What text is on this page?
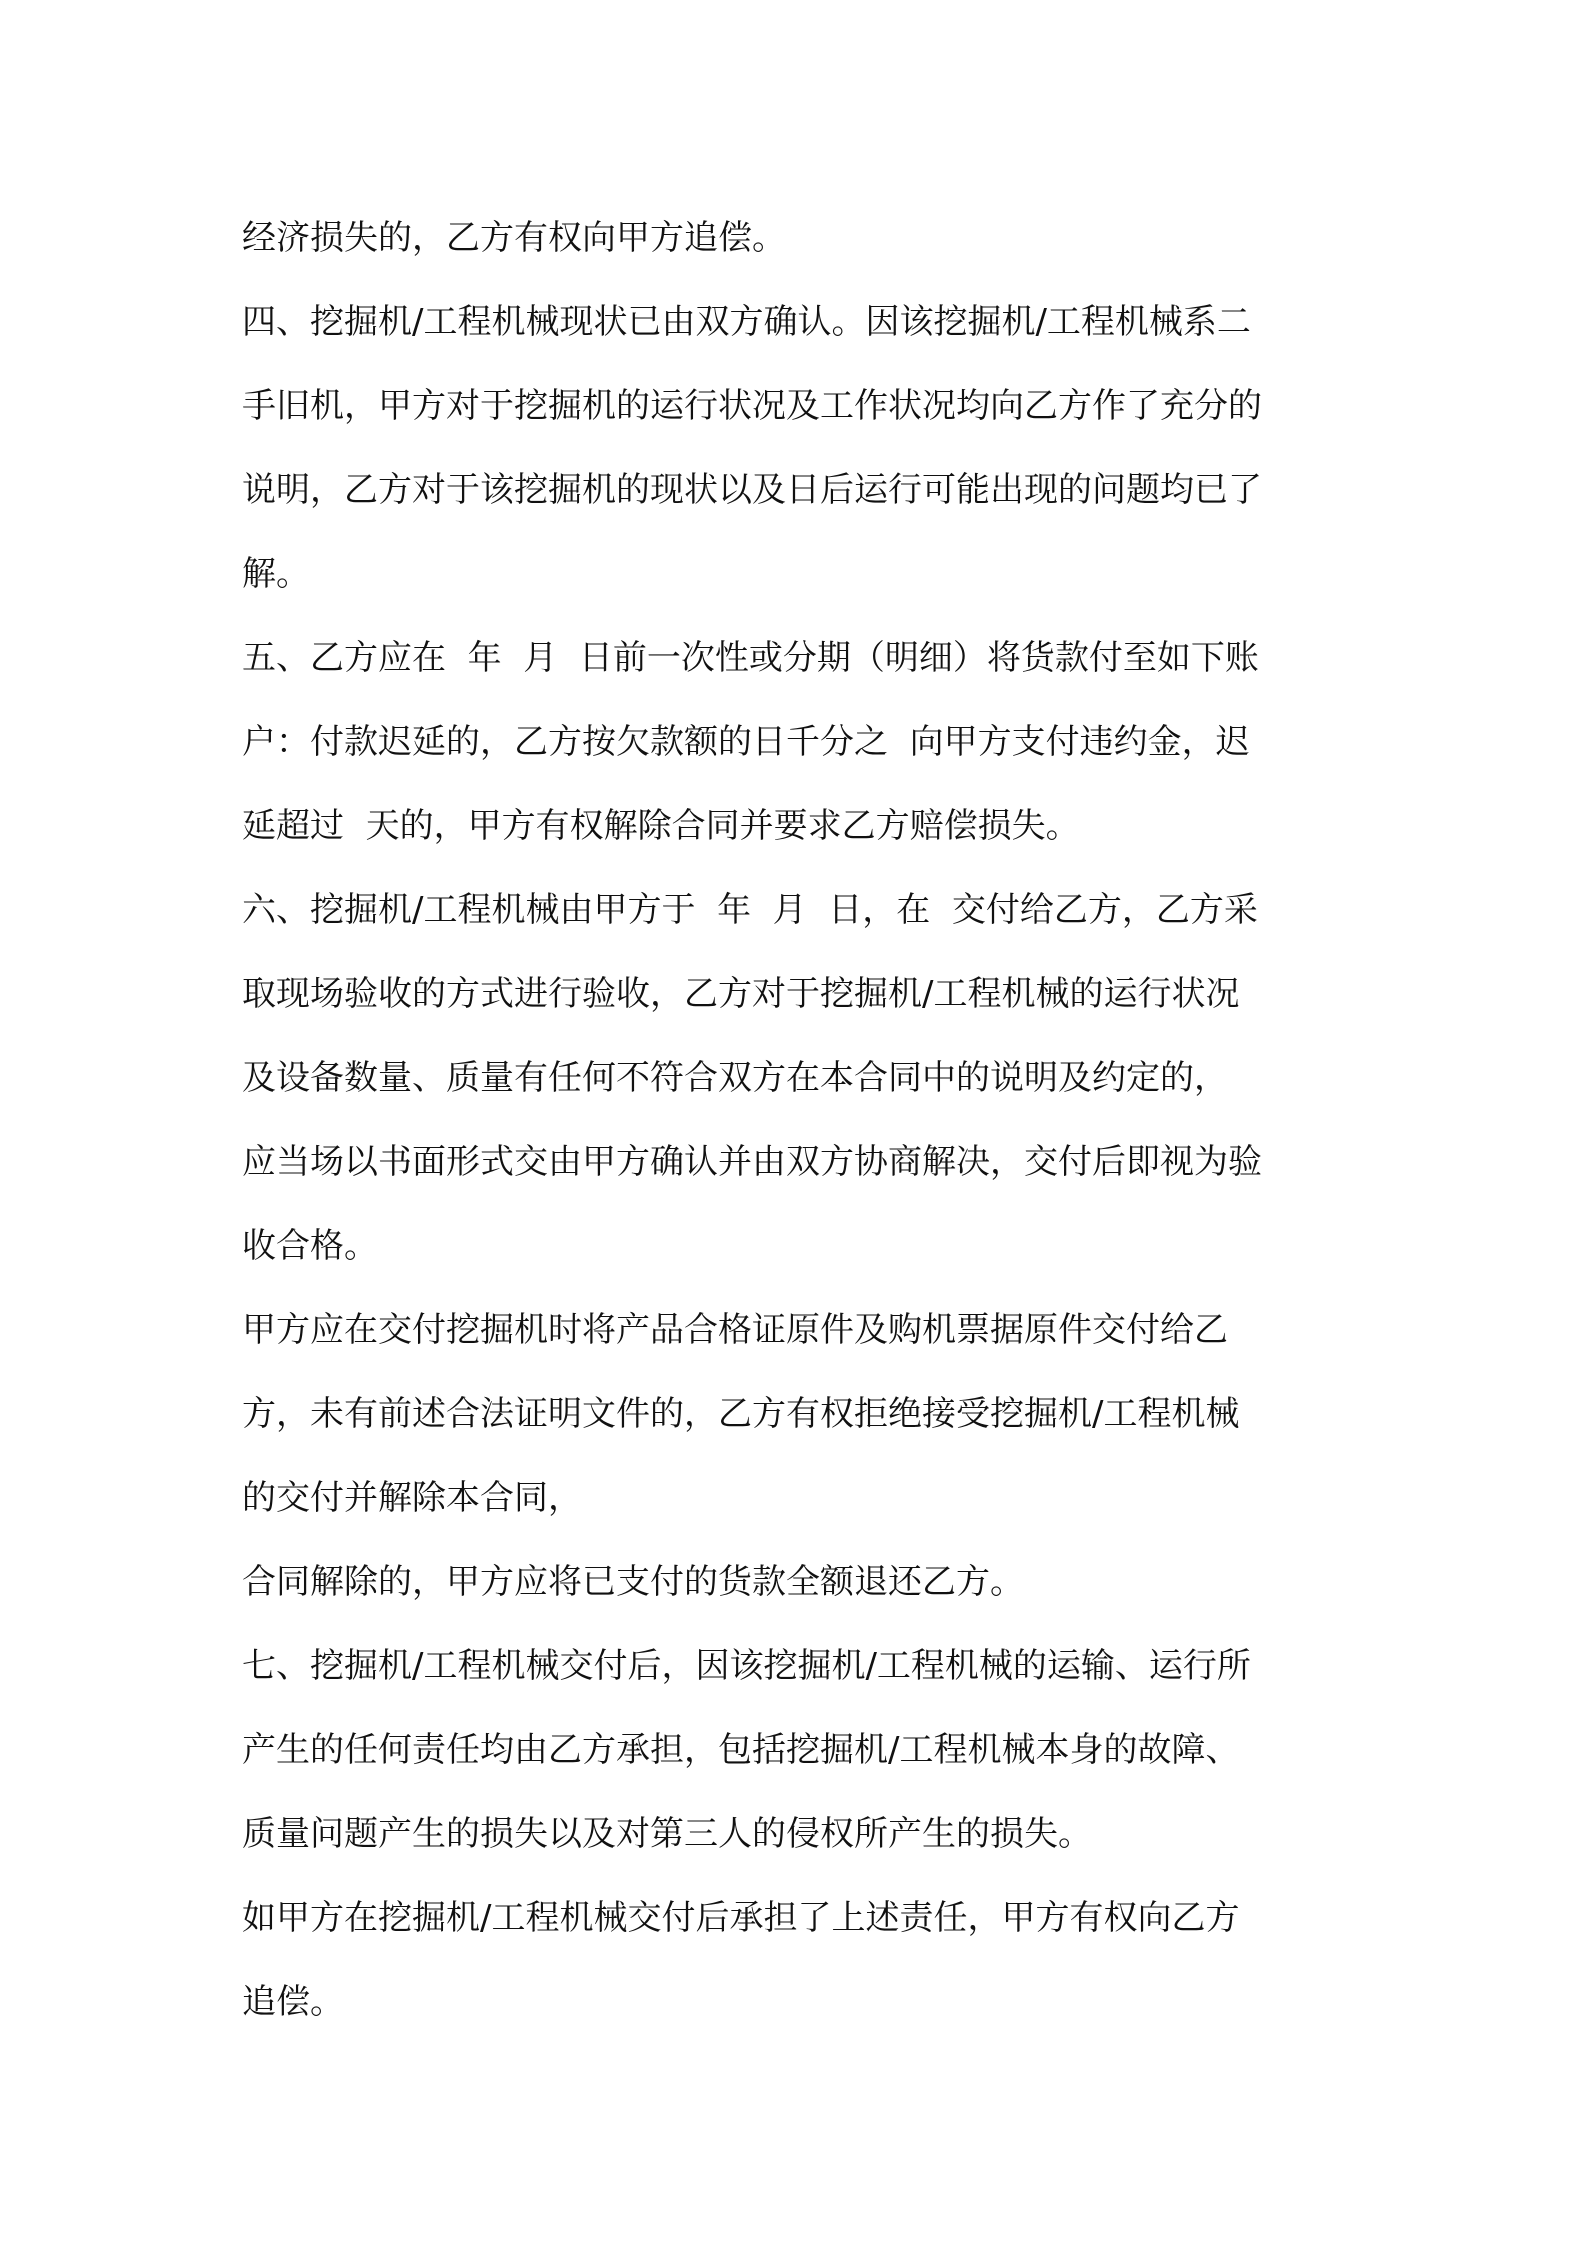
经济损失的，乙方有权向甲方追偿。
四、挖掘机/工程机械现状已由双方确认。因该挖掘机/工程机械系二
手旧机，甲方对于挖掘机的运行状况及工作状况均向乙方作了充分的
说明，乙方对于该挖掘机的现状以及日后运行可能出现的问题均已了
解。
五、乙方应在  年  月  日前一次性或分期（明细）将货款付至如下账
户：付款迟延的，乙方按欠款额的日千分之  向甲方支付违约金，迟
延超过  天的，甲方有权解除合同并要求乙方赔偿损失。
六、挖掘机/工程机械由甲方于  年  月  日，在  交付给乙方，乙方采
取现场验收的方式进行验收，乙方对于挖掘机/工程机械的运行状况
及设备数量、质量有任何不符合双方在本合同中的说明及约定的，
应当场以书面形式交由甲方确认并由双方协商解决，交付后即视为验
收合格。
甲方应在交付挖掘机时将产品合格证原件及购机票据原件交付给乙
方，未有前述合法证明文件的，乙方有权拒绝接受挖掘机/工程机械
的交付并解除本合同，
合同解除的，甲方应将已支付的货款全额退还乙方。
七、挖掘机/工程机械交付后，因该挖掘机/工程机械的运输、运行所
产生的任何责任均由乙方承担，包括挖掘机/工程机械本身的故障、
质量问题产生的损失以及对第三人的侵权所产生的损失。
如甲方在挖掘机/工程机械交付后承担了上述责任，甲方有权向乙方
追偿。
